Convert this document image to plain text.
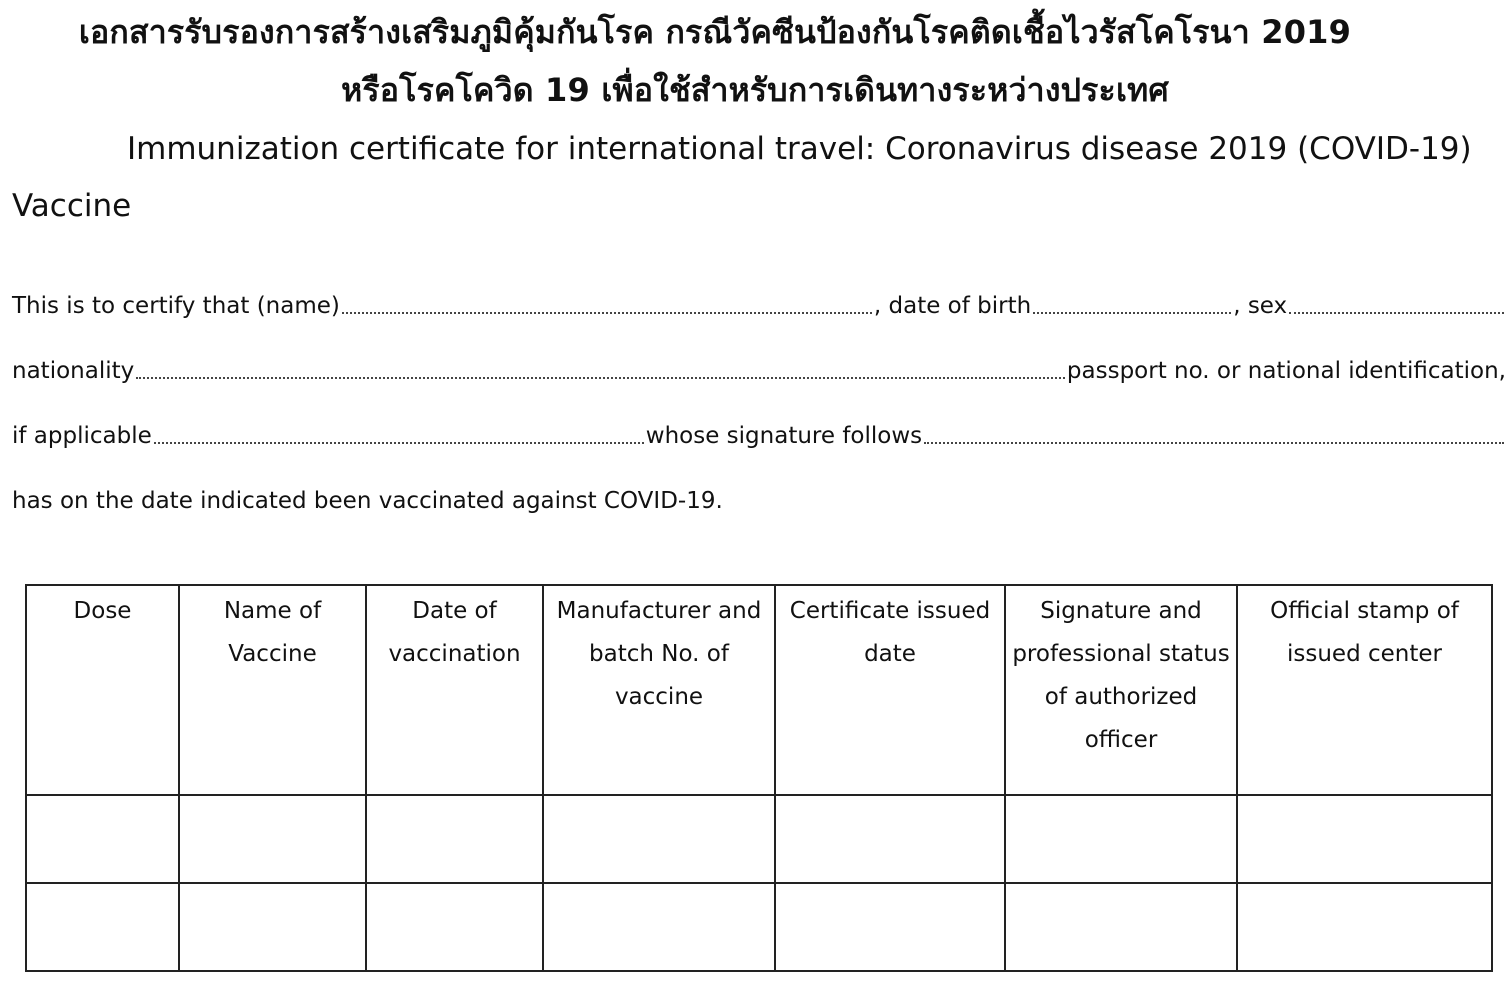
เอกสารรับรองการสร้างเสริมภูมิคุ้มกันโรค กรณีวัคซีนป้องกันโรคติดเชื้อไวรัสโคโรนา 2019
หรือโรคโควิด 19 เพื่อใช้สำหรับการเดินทางระหว่างประเทศ
Immunization certificate for international travel: Coronavirus disease 2019 (COVID-19)
Vaccine
This is to certify that (name)	, date of birth	, sex
nationality	passport no. or national identification,
if applicable	whose signature follows
has on the date indicated been vaccinated against COVID-19.
Dose	Name of Vaccine	Date of vaccination	Manufacturer and batch No. of vaccine	Certificate issued date	Signature and professional status of authorized officer	Official stamp of issued center
